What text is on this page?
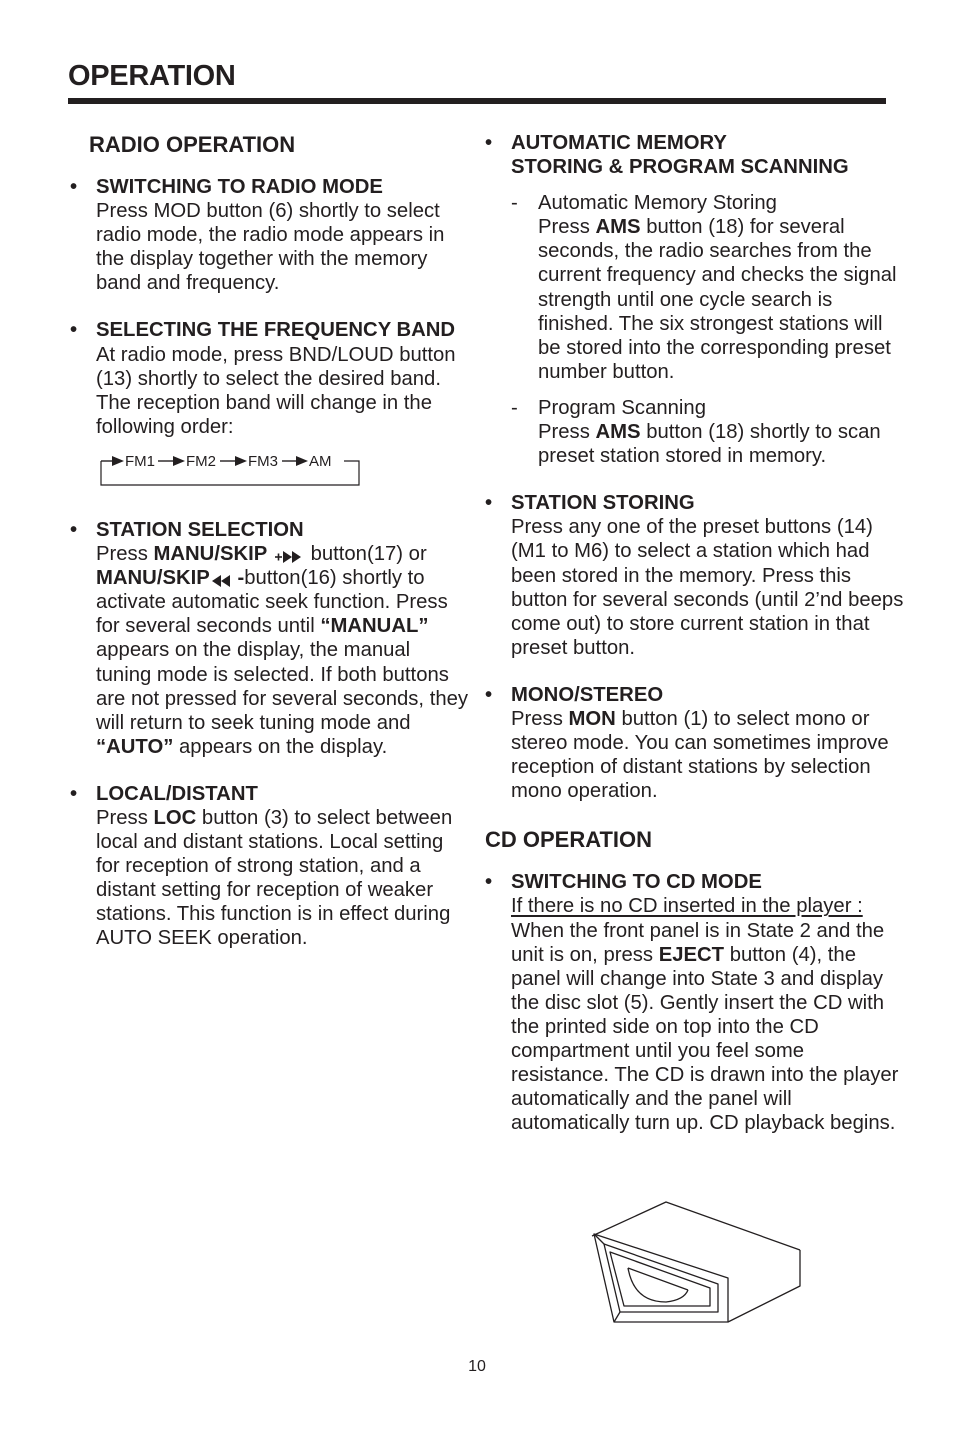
OPERATION
RADIO OPERATION
• SWITCHING TO RADIO MODE
Press MOD button (6) shortly to select radio mode, the radio mode appears in the display together with the memory band and frequency.
• SELECTING THE FREQUENCY BAND
At radio mode, press BND/LOUD button (13) shortly to select the desired band.
The reception band will change in the following order:
FM1 FM2 FM3 AM
• STATION SELECTION
Press MANU/SKIP  button(17) or
MANU/SKIP -button(16) shortly to activate automatic seek function. Press for several seconds until “MANUAL” appears on the display, the manual tuning mode is selected. If both buttons are not pressed for several seconds, they will return to seek tuning mode and “AUTO” appears on the display.
• LOCAL/DISTANT
Press LOC button (3) to select between local and distant stations. Local setting for reception of strong station, and a distant setting for reception of weaker stations. This function is in effect during AUTO SEEK operation.
• AUTOMATIC MEMORY
STORING & PROGRAM SCANNING
- Automatic Memory Storing
Press AMS button (18) for several seconds, the radio searches from the current frequency and checks the signal strength until one cycle search is finished. The six strongest stations will be stored into the corresponding preset number button.
- Program Scanning
Press AMS button (18) shortly to scan preset station stored in memory.
• STATION STORING
Press any one of the preset buttons (14) (M1 to M6) to select a station which had been stored in the memory. Press this button for several seconds (until 2’nd beeps come out) to store current station in that preset button.
• MONO/STEREO
Press MON button (1) to select mono or stereo mode. You can sometimes improve reception of distant stations by selection mono operation.
CD OPERATION
• SWITCHING TO CD MODE
If there is no CD inserted in the player :
When the front panel is in State 2 and the unit is on, press EJECT button (4), the panel will change into State 3 and display the disc slot (5). Gently insert the CD with the printed side on top into the CD compartment until you feel some resistance. The CD is drawn into the player automatically and the panel will automatically turn up. CD playback begins.
10
